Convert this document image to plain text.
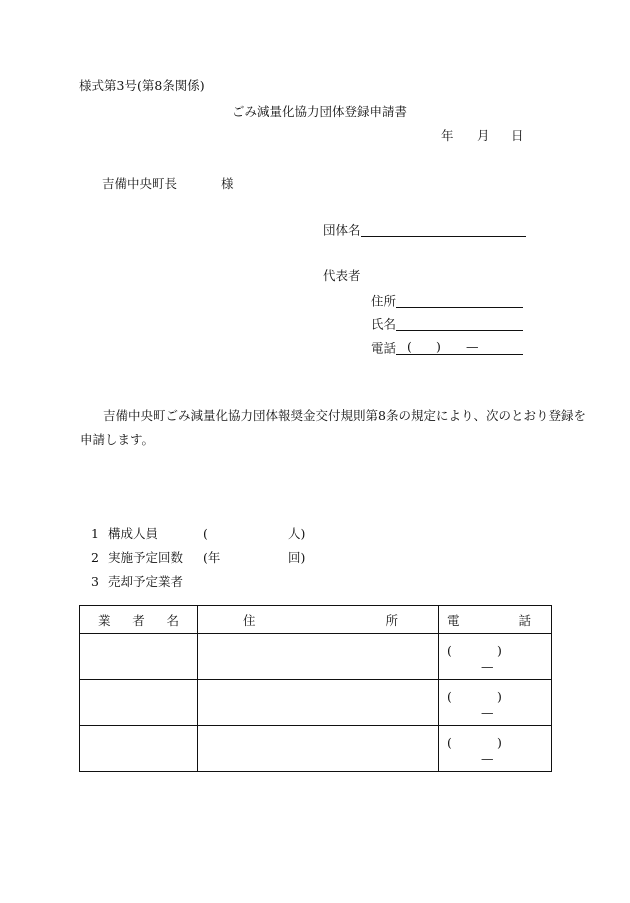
様式第3号(第8条関係)
ごみ減量化協力団体登録申請書
年 月 日
吉備中央町長	様
団体名
代表者
住所
氏名
電話 ( ) —
吉備中央町ごみ減量化協力団体報奨金交付規則第8条の規定により、次のとおり登録を
申請します。
1 構成人員	(	人)
2 実施予定回数 (年	回)
3 売却予定業者
業 者 名	住 所	電 話

		( )
—

		( )
—

		( )
—
